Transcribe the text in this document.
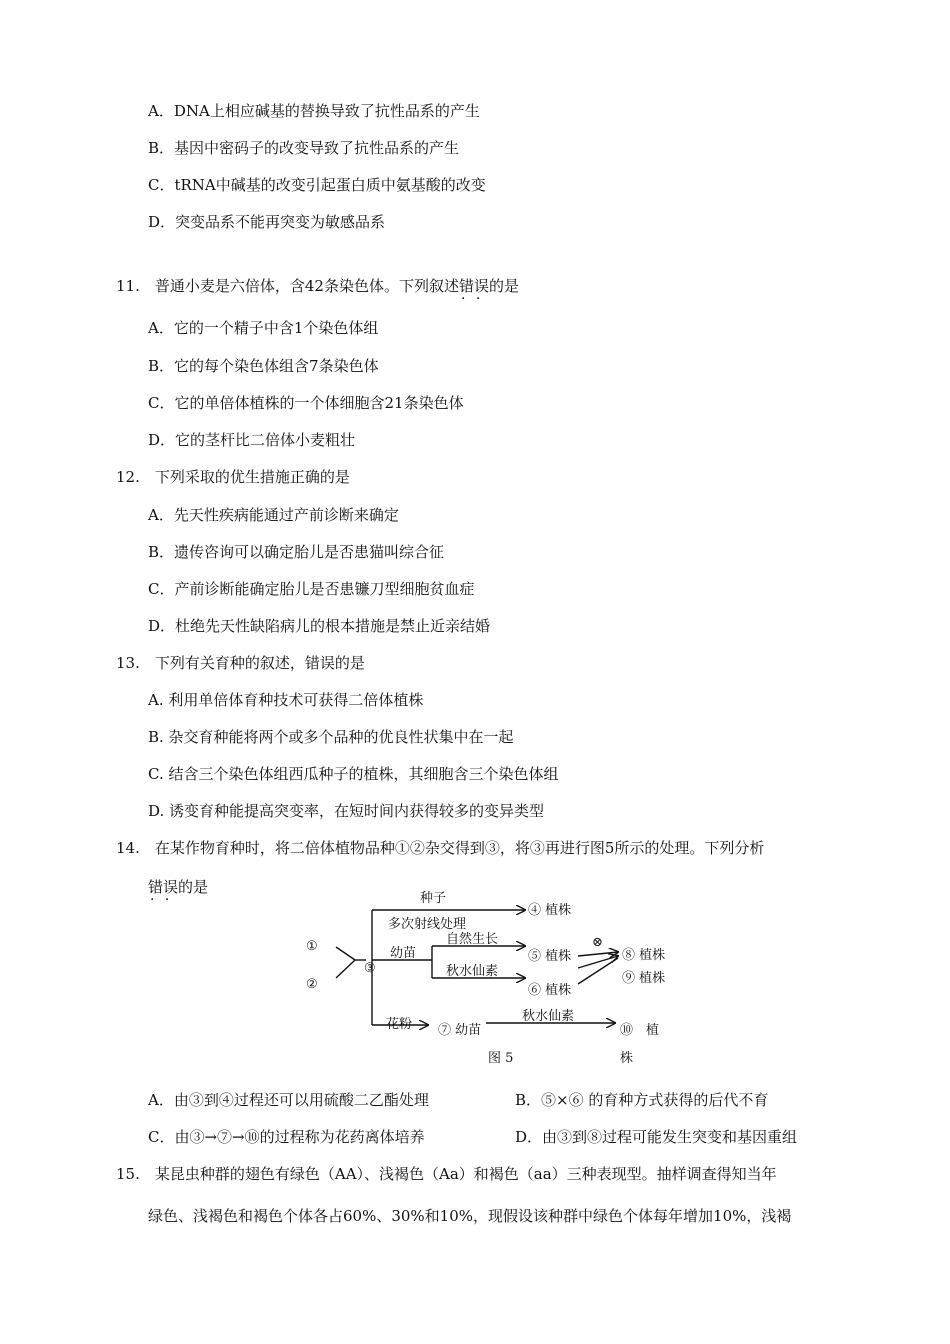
A．DNA上相应碱基的替换导致了抗性品系的产生
B．基因中密码子的改变导致了抗性品系的产生
C．tRNA中碱基的改变引起蛋白质中氨基酸的改变
D．突变品系不能再突变为敏感品系
11.　普通小麦是六倍体，含42条染色体。下列叙述错误 · ·的是
A．它的一个精子中含1个染色体组
B．它的每个染色体组含7条染色体
C．它的单倍体植株的一个体细胞含21条染色体
D．它的茎杆比二倍体小麦粗壮
12.　下列采取的优生措施正确的是
A．先天性疾病能通过产前诊断来确定
B．遗传咨询可以确定胎儿是否患猫叫综合征
C．产前诊断能确定胎儿是否患镰刀型细胞贫血症
D．杜绝先天性缺陷病儿的根本措施是禁止近亲结婚
13.　下列有关育种的叙述，错误的是
A. 利用单倍体育种技术可获得二倍体植株
B. 杂交育种能将两个或多个品种的优良性状集中在一起
C. 结含三个染色体组西瓜种子的植株，其细胞含三个染色体组
D. 诱变育种能提高突变率，在短时间内获得较多的变异类型
14.　在某作物育种时，将二倍体植物品种①②杂交得到③，将③再进行图5所示的处理。下列分析
错误 · ·的是
①
②
③
种子
多次射线处理
④ 植株
幼苗
自然生长
秋水仙素
⑤ 植株
⑥ 植株
⊗
⑧ 植株
⑨ 植株
花粉 ⑦ 幼苗
秋水仙素
⑩　植
株
图 5
A．由③到④过程还可以用硫酸二乙酯处理	B．⑤×⑥ 的育种方式获得的后代不育
C．由③→⑦→⑩的过程称为花药离体培养	D．由③到⑧过程可能发生突变和基因重组
15.　某昆虫种群的翅色有绿色（AA）、浅褐色（Aa）和褐色（aa）三种表现型。抽样调查得知当年
绿色、浅褐色和褐色个体各占60%、30%和10%，现假设该种群中绿色个体每年增加10%，浅褐
